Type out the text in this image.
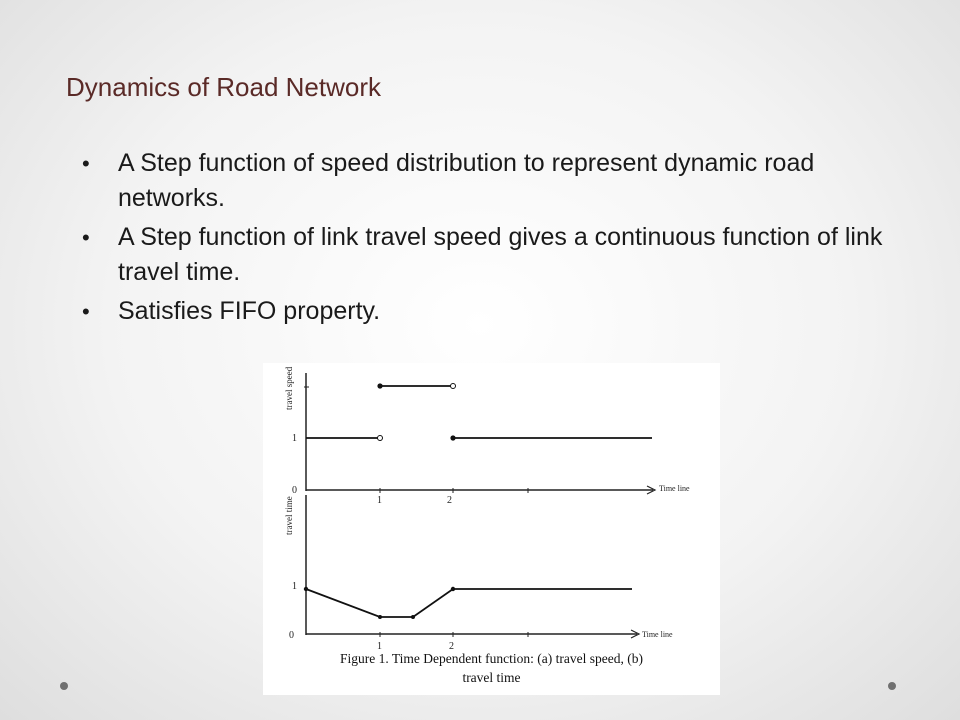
Dynamics of Road Network
• A Step function of speed distribution to represent dynamic road networks.
• A Step function of link travel speed gives a continuous function of link travel time.
• Satisfies FIFO property.
travel speed
1
0
1	2
Time line
travel time
1
0
1	2
Time line
Figure 1. Time Dependent function: (a) travel speed, (b)
travel time
